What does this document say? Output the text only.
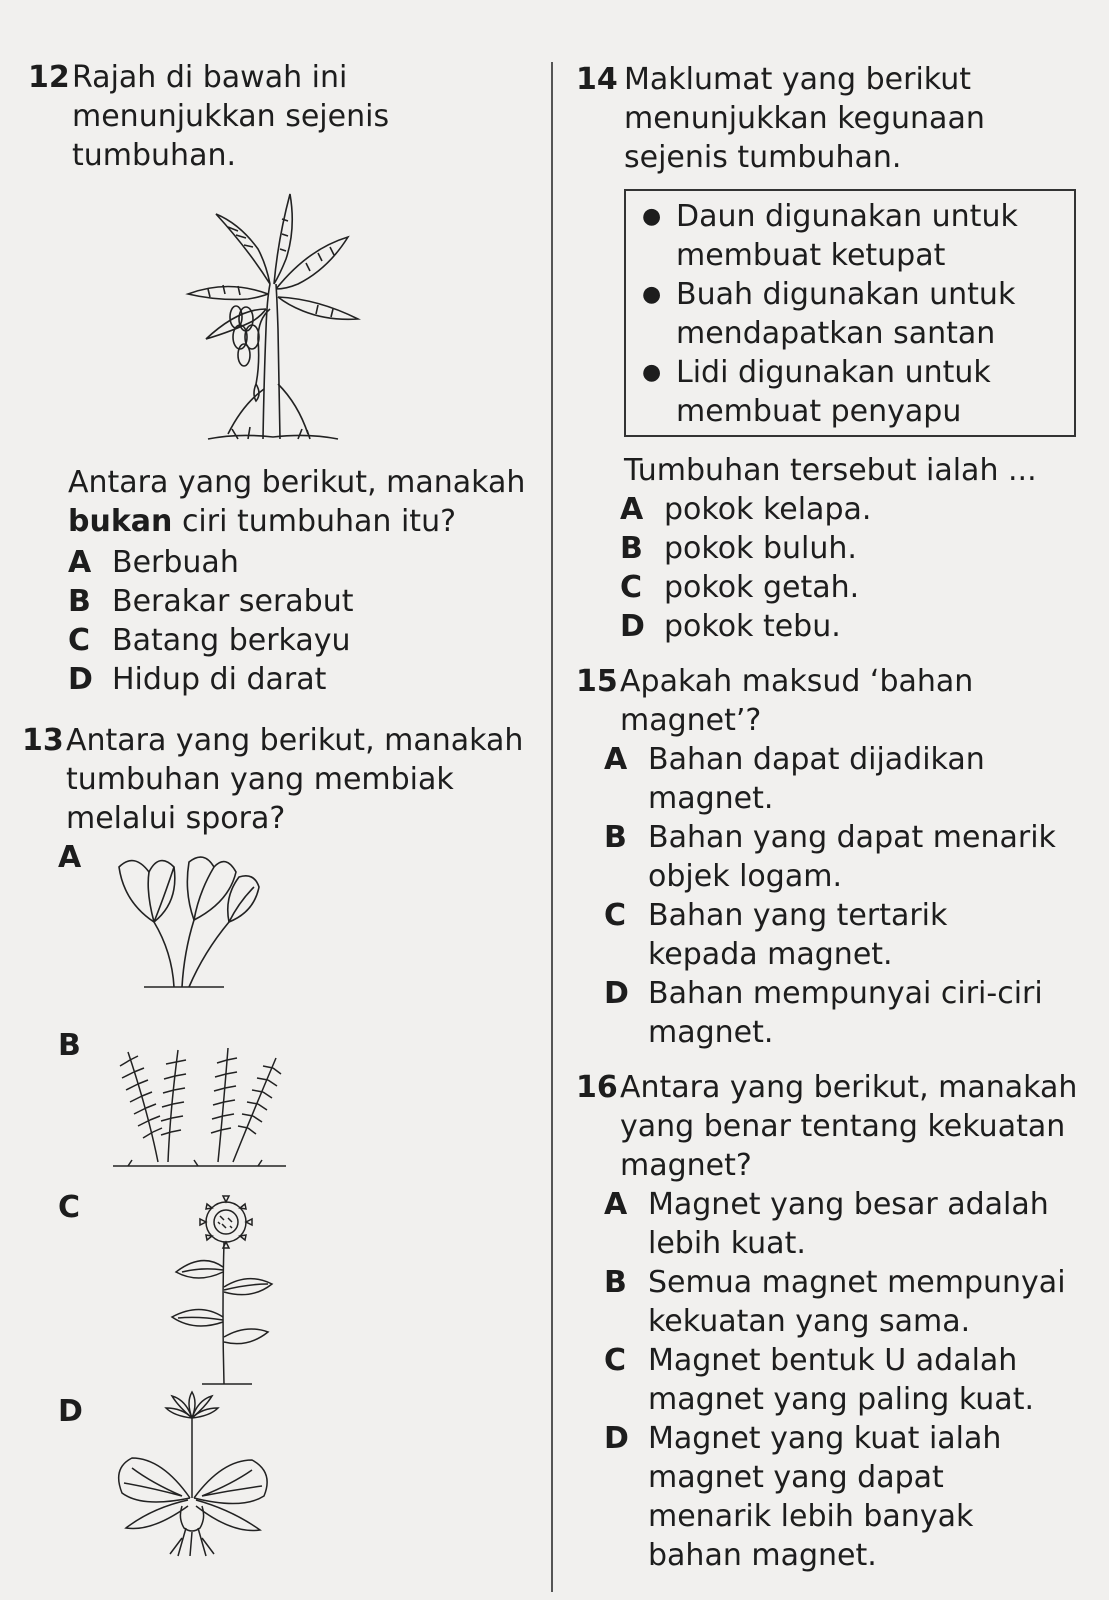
12 Rajah di bawah ini menunjukkan sejenis tumbuhan.
Antara yang berikut, manakah bukan ciri tumbuhan itu?
A Berbuah
B Berakar serabut
C Batang berkayu
D Hidup di darat
13 Antara yang berikut, manakah tumbuhan yang membiak melalui spora?
A
B
C
D
14 Maklumat yang berikut menunjukkan kegunaan sejenis tumbuhan.
● Daun digunakan untuk membuat ketupat
● Buah digunakan untuk mendapatkan santan
● Lidi digunakan untuk membuat penyapu
Tumbuhan tersebut ialah ...
A pokok kelapa.
B pokok buluh.
C pokok getah.
D pokok tebu.
15 Apakah maksud ‘bahan magnet’?
A Bahan dapat dijadikan magnet.
B Bahan yang dapat menarik objek logam.
C Bahan yang tertarik kepada magnet.
D Bahan mempunyai ciri-ciri magnet.
16 Antara yang berikut, manakah yang benar tentang kekuatan magnet?
A Magnet yang besar adalah lebih kuat.
B Semua magnet mempunyai kekuatan yang sama.
C Magnet bentuk U adalah magnet yang paling kuat.
D Magnet yang kuat ialah magnet yang dapat menarik lebih banyak bahan magnet.
